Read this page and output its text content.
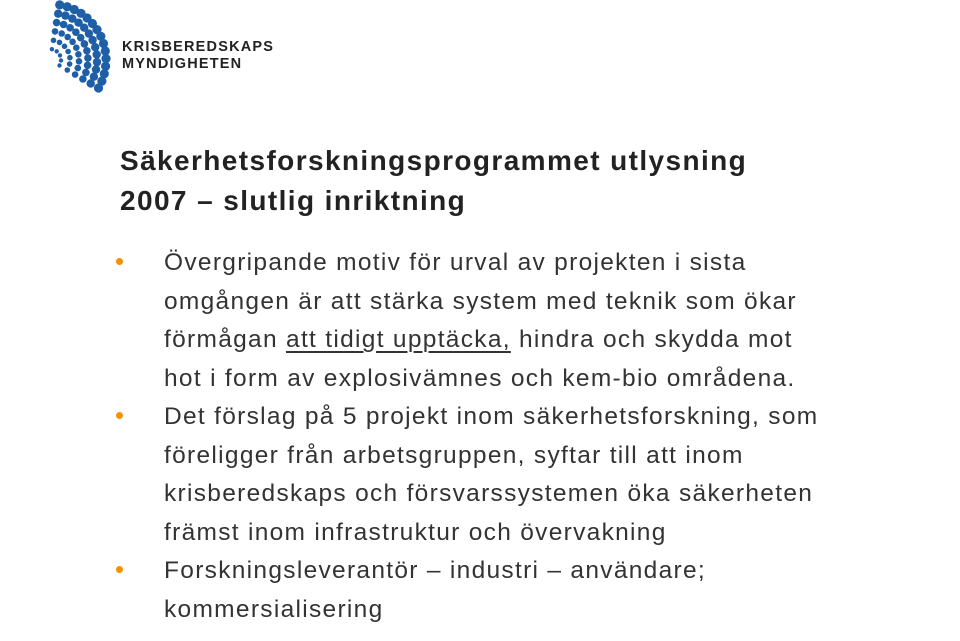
KRISBEREDSKAPS
MYNDIGHETEN
Säkerhetsforskningsprogrammet utlysning
2007 – slutlig inriktning
Övergripande motiv för urval av projekten i sista
omgången är att stärka system med teknik som ökar
förmågan att tidigt upptäcka, hindra och skydda mot
hot i form av explosivämnes och kem-bio områdena.
Det förslag på 5 projekt inom säkerhetsforskning, som
föreligger från arbetsgruppen, syftar till att inom
krisberedskaps och försvarssystemen öka säkerheten
främst inom infrastruktur och övervakning
Forskningsleverantör – industri – användare;
kommersialisering
